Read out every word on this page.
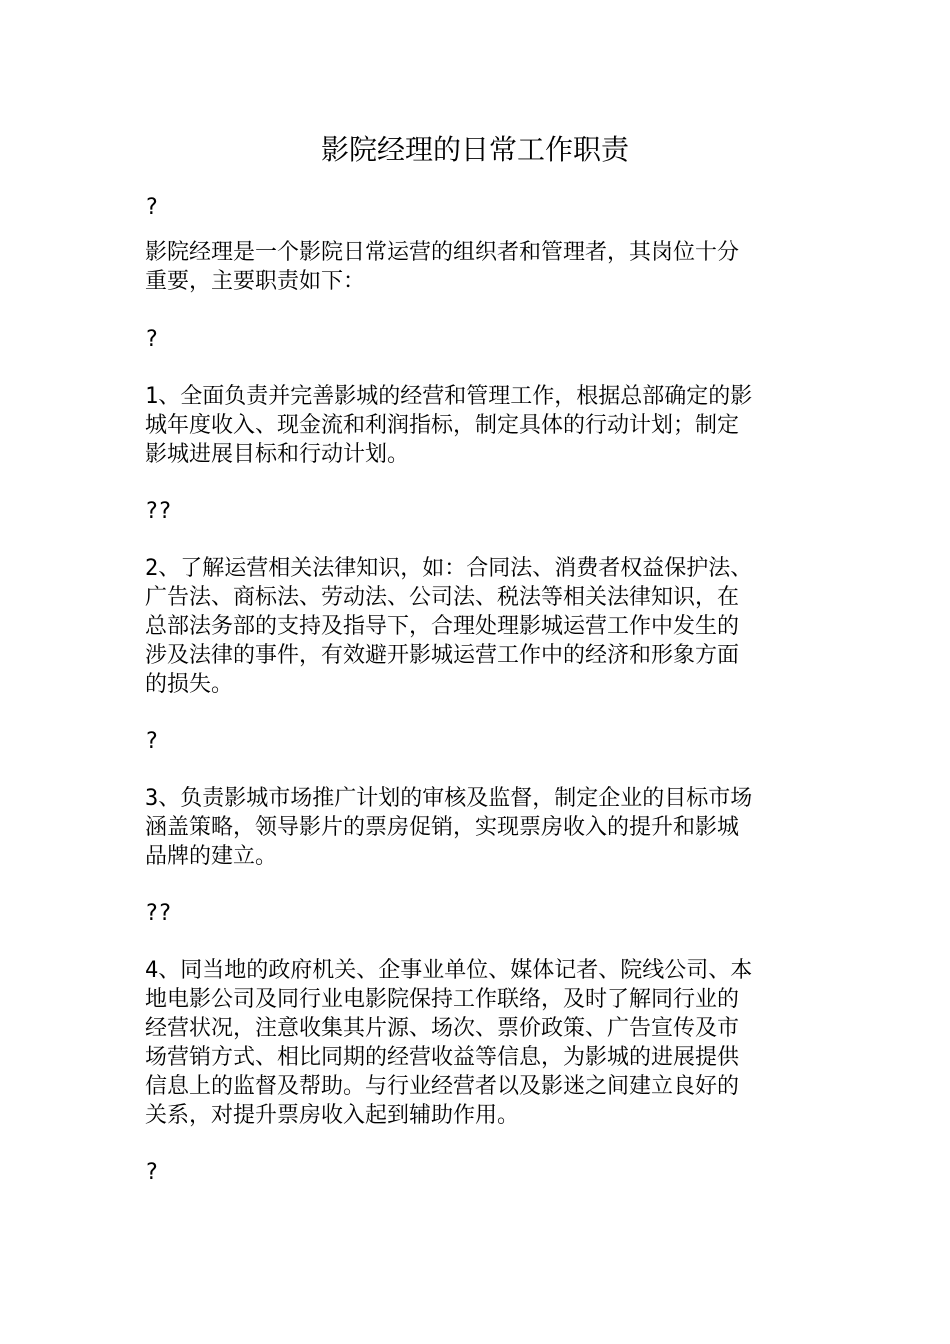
影院经理的日常工作职责
?
影院经理是一个影院日常运营的组织者和管理者，其岗位十分
重要，主要职责如下：
?
1、全面负责并完善影城的经营和管理工作，根据总部确定的影
城年度收入、现金流和利润指标，制定具体的行动计划；制定
影城进展目标和行动计划。
??
2、了解运营相关法律知识，如：合同法、消费者权益保护法、
广告法、商标法、劳动法、公司法、税法等相关法律知识，在
总部法务部的支持及指导下，合理处理影城运营工作中发生的
涉及法律的事件，有效避开影城运营工作中的经济和形象方面
的损失。
?
3、负责影城市场推广计划的审核及监督，制定企业的目标市场
涵盖策略，领导影片的票房促销，实现票房收入的提升和影城
品牌的建立。
??
4、同当地的政府机关、企事业单位、媒体记者、院线公司、本
地电影公司及同行业电影院保持工作联络，及时了解同行业的
经营状况，注意收集其片源、场次、票价政策、广告宣传及市
场营销方式、相比同期的经营收益等信息，为影城的进展提供
信息上的监督及帮助。与行业经营者以及影迷之间建立良好的
关系，对提升票房收入起到辅助作用。
?
